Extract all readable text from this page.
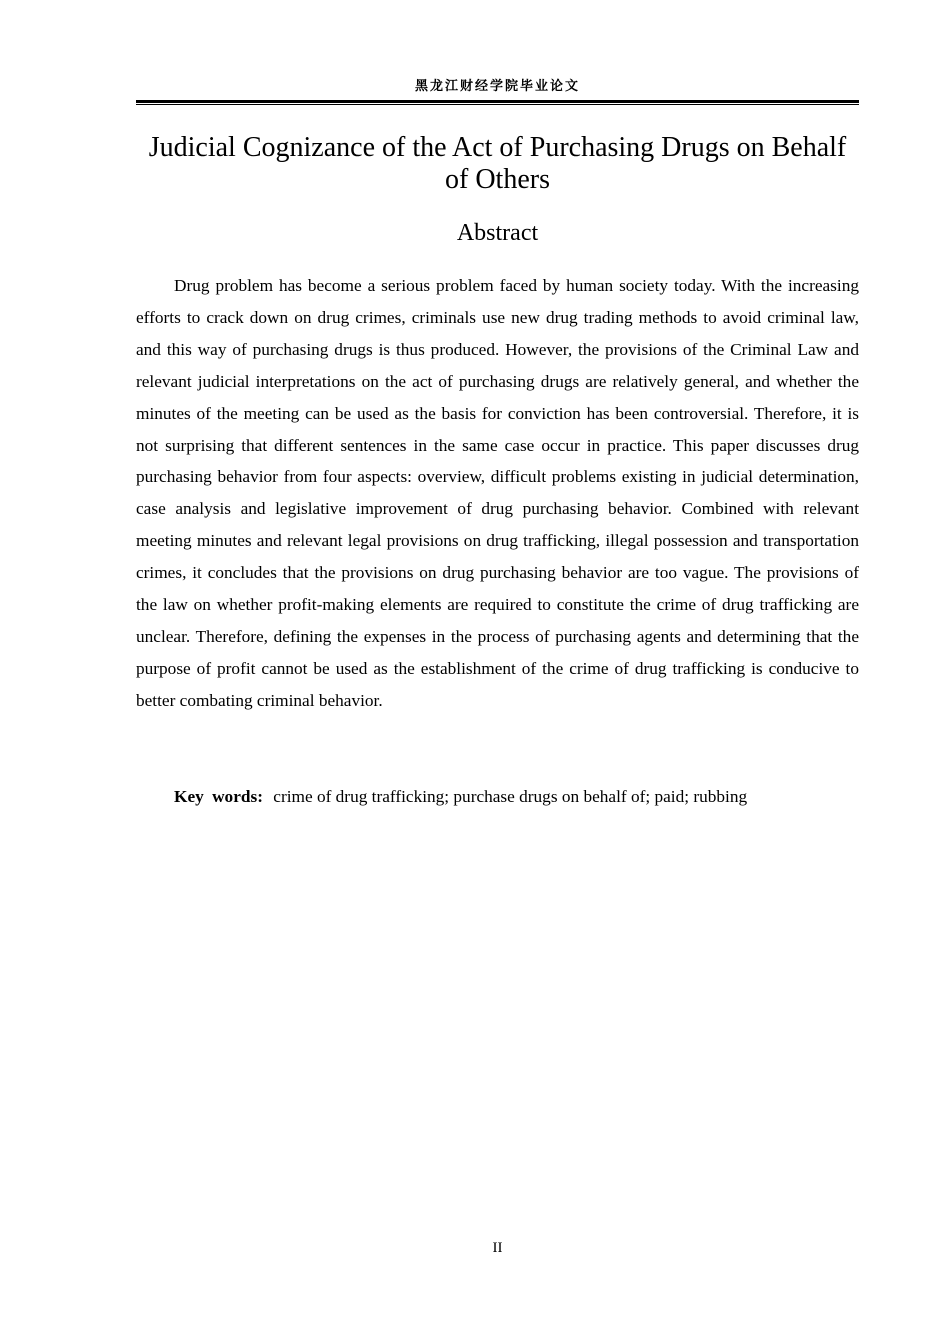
黑龙江财经学院毕业论文
Judicial Cognizance of the Act of Purchasing Drugs on Behalf of Others
Abstract

Drug problem has become a serious problem faced by human society today. With the increasing efforts to crack down on drug crimes, criminals use new drug trading methods to avoid criminal law, and this way of purchasing drugs is thus produced. However, the provisions of the Criminal Law and relevant judicial interpretations on the act of purchasing drugs are relatively general, and whether the minutes of the meeting can be used as the basis for conviction has been controversial. Therefore, it is not surprising that different sentences in the same case occur in practice. This paper discusses drug purchasing behavior from four aspects: overview, difficult problems existing in judicial determination, case analysis and legislative improvement of drug purchasing behavior. Combined with relevant meeting minutes and relevant legal provisions on drug trafficking, illegal possession and transportation crimes, it concludes that the provisions on drug purchasing behavior are too vague. The provisions of the law on whether profit-making elements are required to constitute the crime of drug trafficking are unclear. Therefore, defining the expenses in the process of purchasing agents and determining that the purpose of profit cannot be used as the establishment of the crime of drug trafficking is conducive to better combating criminal behavior.

Key words: crime of drug trafficking; purchase drugs on behalf of; paid; rubbing

II
